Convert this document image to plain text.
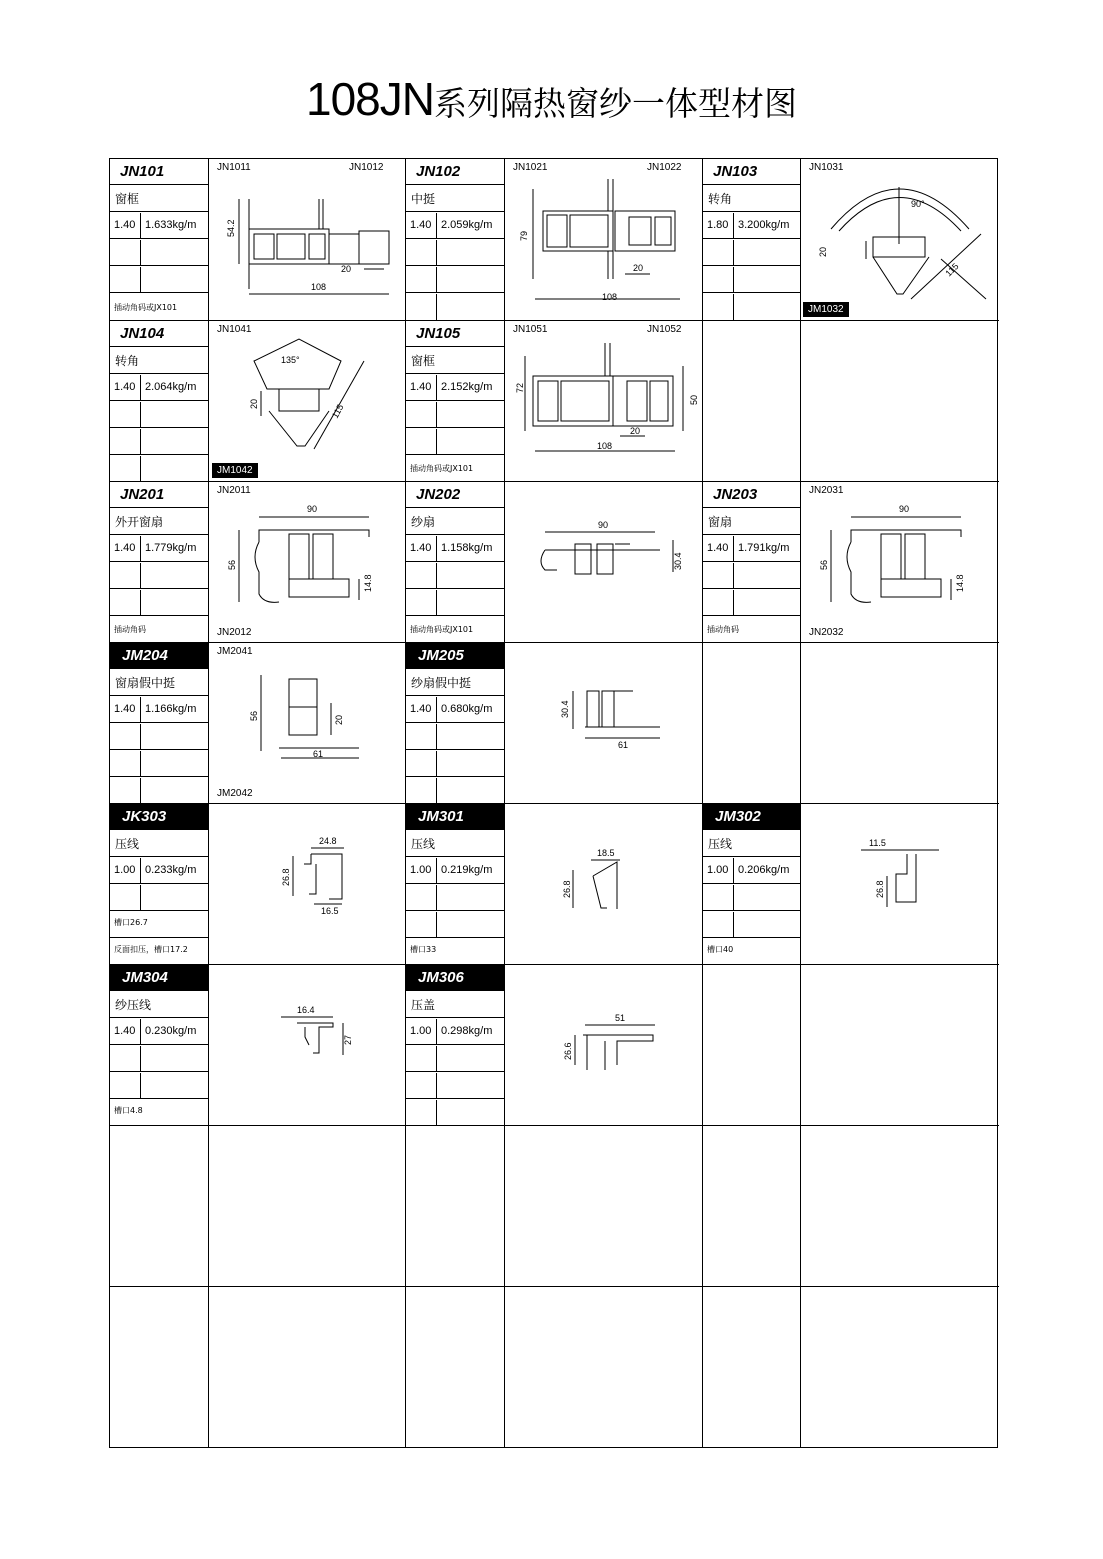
108JN系列隔热窗纱一体型材图
JN101
窗框
1.40 1.633kg/m
插动角码或JX101
JN1011	JN1012
54.2
20
108
JN102
中挺
1.40 2.059kg/m
JN1021	JN1022
79
20
108
JN103
转角
1.80 3.200kg/m
JN1031
90°
20
115
JM1032
JN104
转角
1.40 2.064kg/m
JN1041
135°
20	115
JM1042
JN105
窗框
1.40 2.152kg/m
插动角码或JX101
JN1051	JN1052
72
50
20
108
JN201
外开窗扇
1.40 1.779kg/m
插动角码
JN2011
JN2012
90
56
14.8
JN202
纱扇
1.40 1.158kg/m
插动角码或JX101
90
30.4
JN203
窗扇
1.40 1.791kg/m
插动角码
JN2031
JN2032
90
56
14.8
JM204
窗扇假中挺
1.40 1.166kg/m
JM2041
JM2042
56	20
61
JM205
纱扇假中挺
1.40 0.680kg/m	30.4
61
JK303
压线
1.00 0.233kg/m
槽口26.7
反面扣压，槽口17.2
24.8
26.8
16.5
JM301
压线
1.00 0.219kg/m
槽口33
18.5
26.8
JM302
压线
1.00 0.206kg/m
槽口40
11.5
26.8
JM304
纱压线
1.40 0.230kg/m
槽口4.8
16.4
27
JM306
压盖
1.00 0.298kg/m
51
26.6
